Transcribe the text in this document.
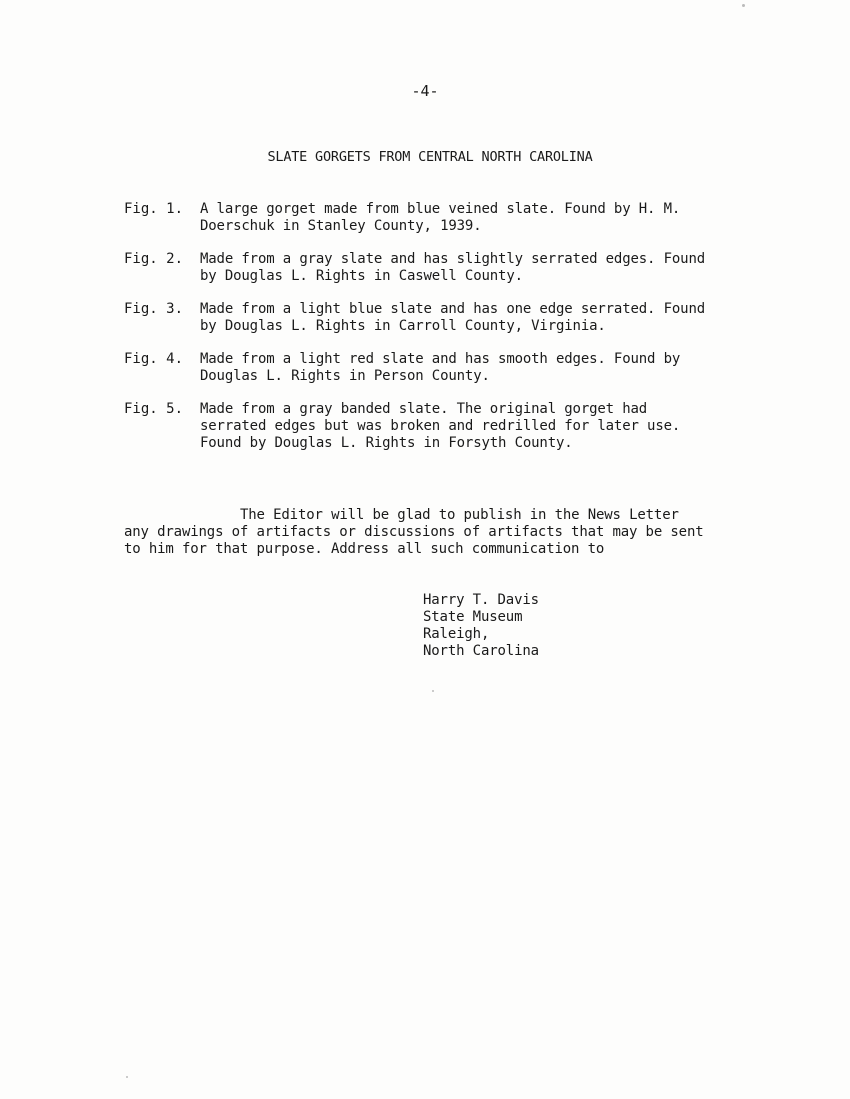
-4-
SLATE GORGETS FROM CENTRAL NORTH CAROLINA
Fig. 1.	A large gorget made from blue veined slate. Found by H. M.
Doerschuk in Stanley County, 1939.
Fig. 2.	Made from a gray slate and has slightly serrated edges. Found
by Douglas L. Rights in Caswell County.
Fig. 3.	Made from a light blue slate and has one edge serrated. Found
by Douglas L. Rights in Carroll County, Virginia.
Fig. 4.	Made from a light red slate and has smooth edges. Found by
Douglas L. Rights in Person County.
Fig. 5.	Made from a gray banded slate. The original gorget had
serrated edges but was broken and redrilled for later use.
Found by Douglas L. Rights in Forsyth County.
The Editor will be glad to publish in the News Letter
any drawings of artifacts or discussions of artifacts that may be sent
to him for that purpose. Address all such communication to
Harry T. Davis
State Museum
Raleigh,
North Carolina
